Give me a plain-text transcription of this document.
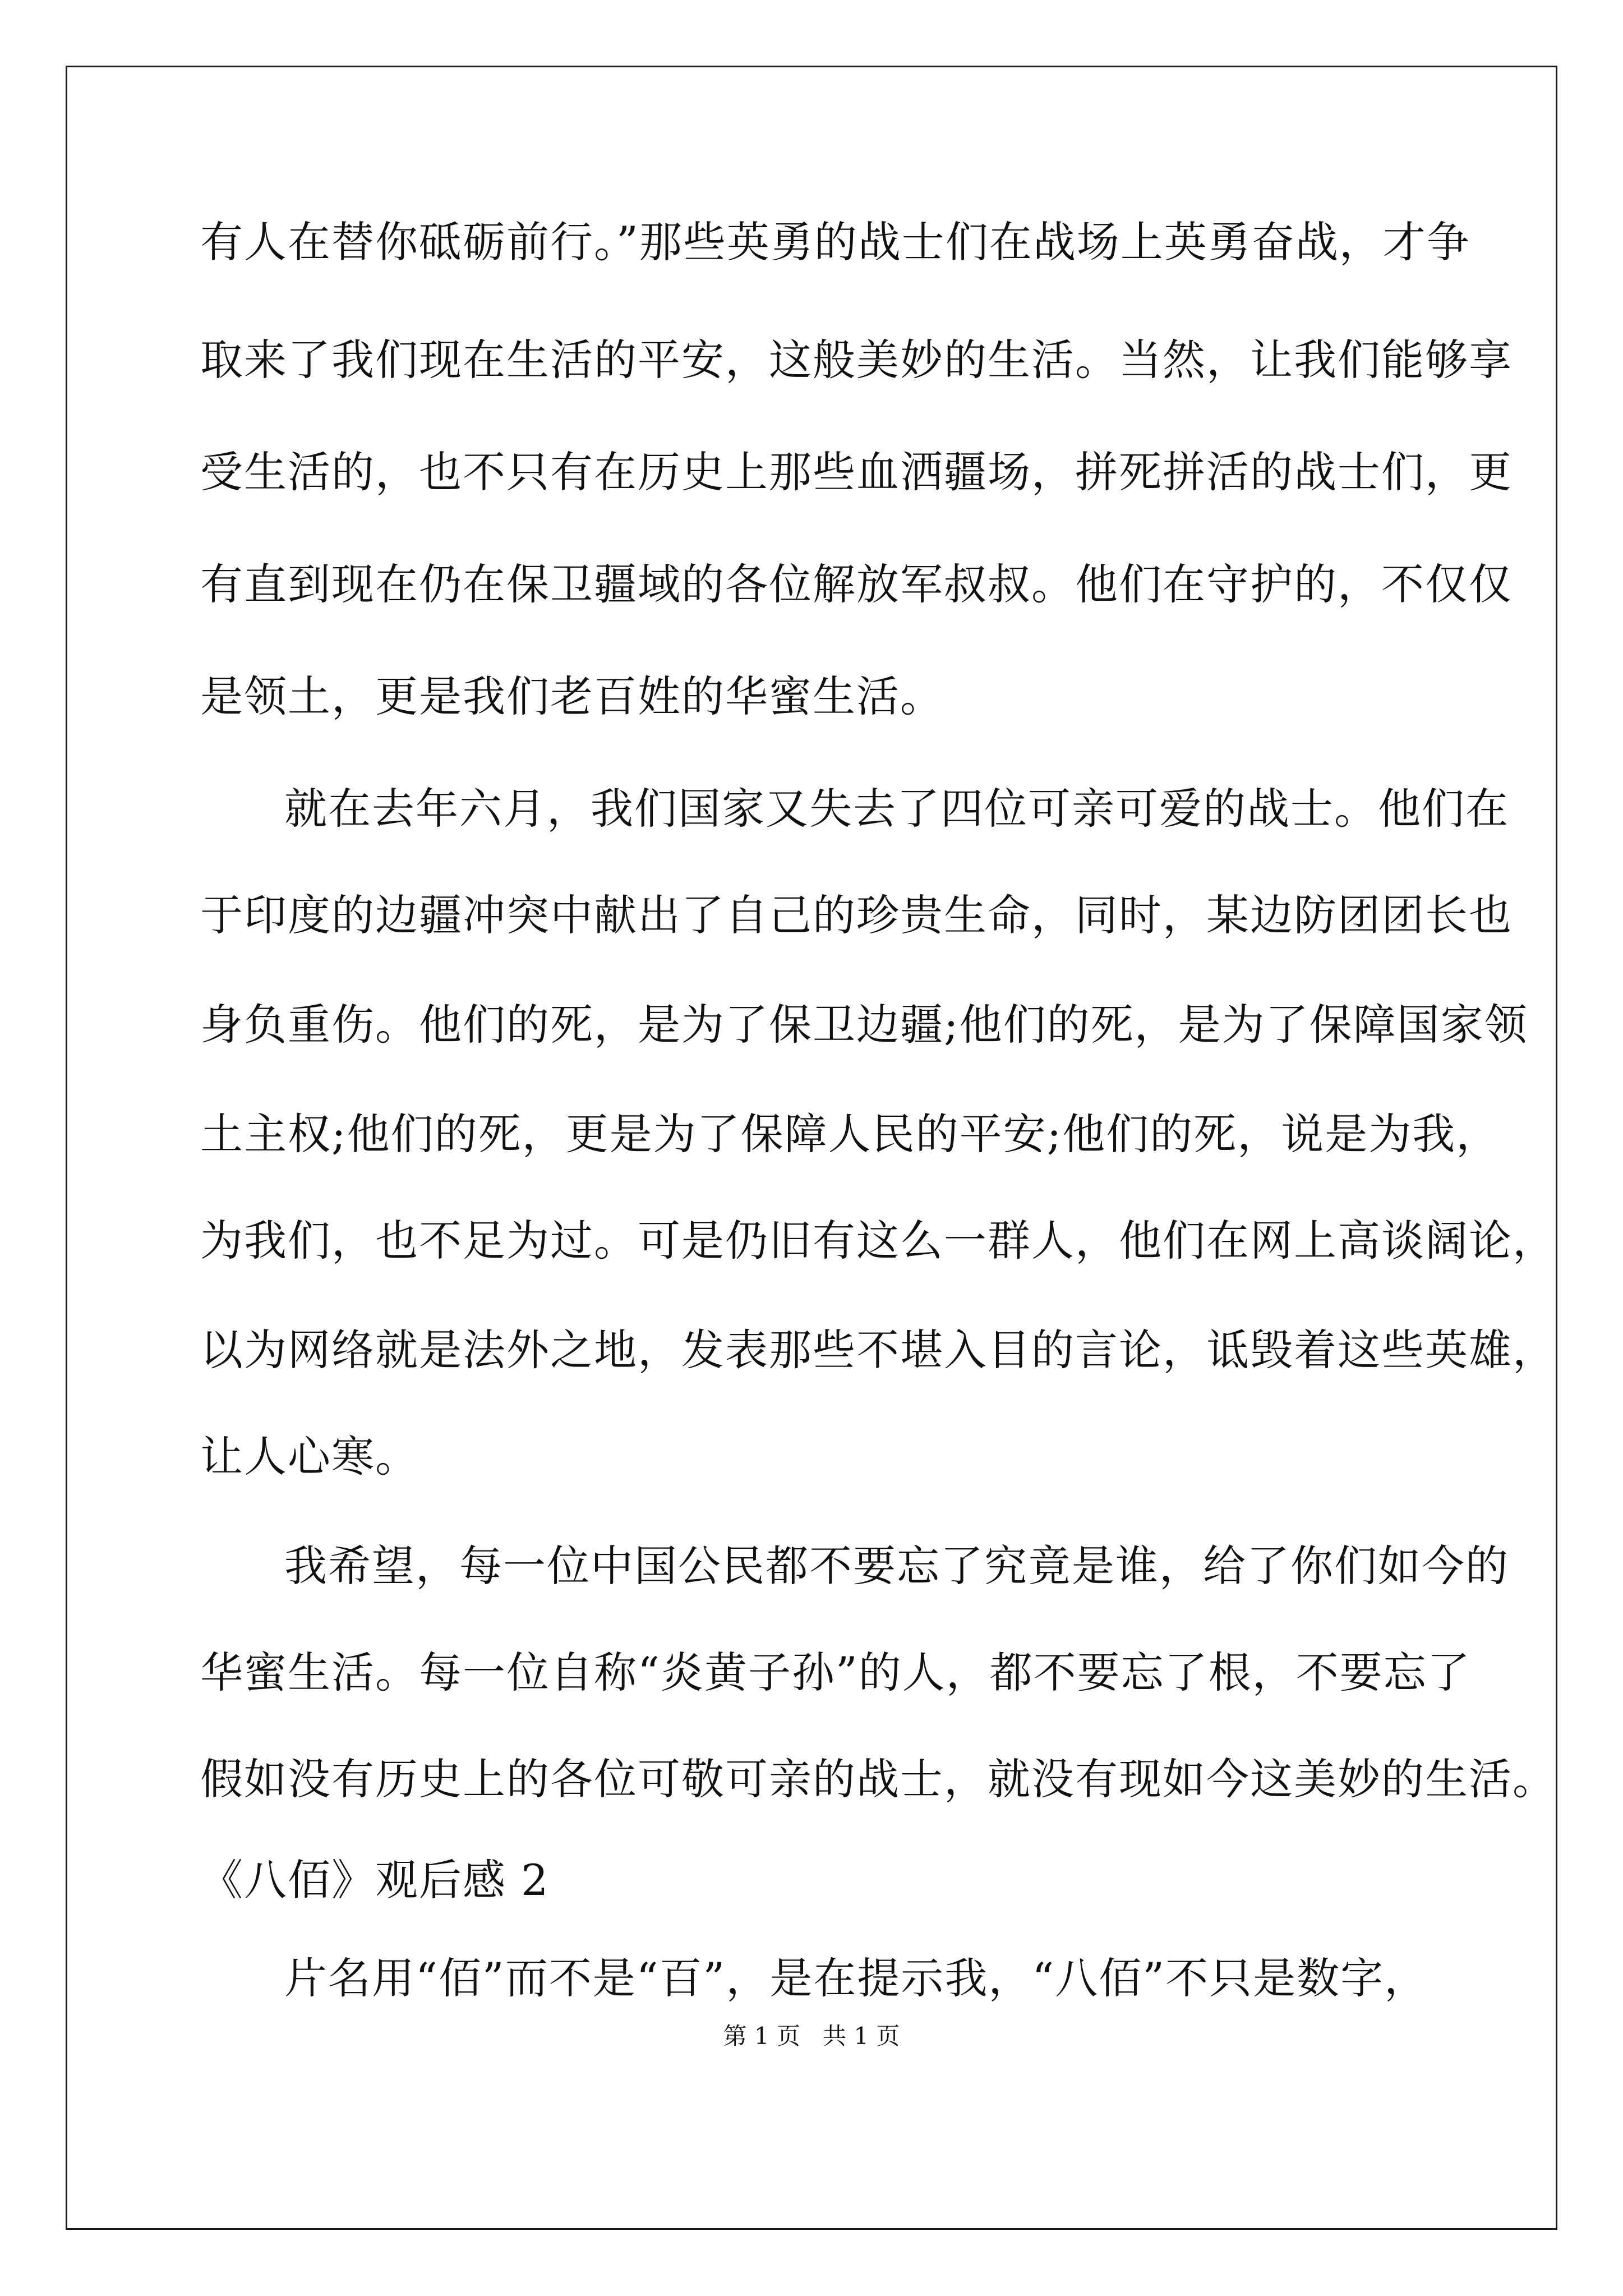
有人在替你砥砺前行。”那些英勇的战士们在战场上英勇奋战，才争
取来了我们现在生活的平安，这般美妙的生活。当然，让我们能够享
受生活的，也不只有在历史上那些血洒疆场，拼死拼活的战士们，更
有直到现在仍在保卫疆域的各位解放军叔叔。他们在守护的，不仅仅
是领土，更是我们老百姓的华蜜生活。
就在去年六月，我们国家又失去了四位可亲可爱的战士。他们在
于印度的边疆冲突中献出了自己的珍贵生命，同时，某边防团团长也
身负重伤。他们的死，是为了保卫边疆;他们的死，是为了保障国家领
土主权;他们的死，更是为了保障人民的平安;他们的死，说是为我，
为我们，也不足为过。可是仍旧有这么一群人，他们在网上高谈阔论，
以为网络就是法外之地，发表那些不堪入目的言论，诋毁着这些英雄，
让人心寒。
我希望，每一位中国公民都不要忘了究竟是谁，给了你们如今的
华蜜生活。每一位自称“炎黄子孙”的人，都不要忘了根，不要忘了
假如没有历史上的各位可敬可亲的战士，就没有现如今这美妙的生活。
《八佰》观后感 2
片名用“佰”而不是“百”，是在提示我，“八佰”不只是数字，
第 1 页 共 1 页
